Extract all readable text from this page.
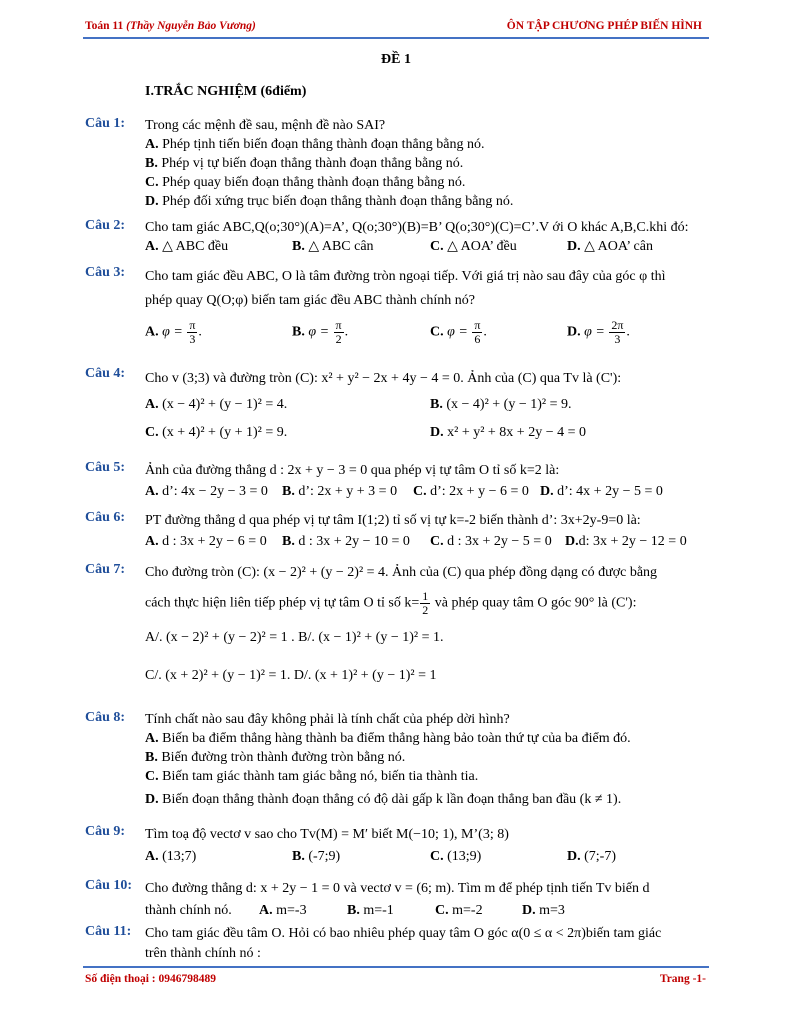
Toán 11 (Thầy Nguyễn Bảo Vương)	ÔN TẬP CHƯƠNG PHÉP BIẾN HÌNH
ĐỀ 1
I.TRẮC NGHIỆM (6điểm)
Câu 1: Trong các mệnh đề sau, mệnh đề nào SAI?
A. Phép tịnh tiến biến đoạn thẳng thành đoạn thẳng bằng nó.
B. Phép vị tự biến đoạn thẳng thành đoạn thẳng bằng nó.
C. Phép quay biến đoạn thẳng thành đoạn thẳng bằng nó.
D. Phép đối xứng trục biến đoạn thẳng thành đoạn thẳng bằng nó.
Câu 2: Cho tam giác ABC,Q(o;30°)(A)=A’, Q(o;30°)(B)=B’ Q(o;30°)(C)=C’.V ới O khác A,B,C.khi đó:
A. △ ABC đều	B. △ ABC cân	C. △ AOA’ đều	D. △ AOA’ cân
Câu 3: Cho tam giác đều ABC, O là tâm đường tròn ngoại tiếp. Với giá trị nào sau đây của góc φ thì
phép quay Q(O;φ) biến tam giác đều ABC thành chính nó?
A. $\varphi = \frac{\pi}{3}$ .	B. $\varphi = \frac{\pi}{2}$ .	C. $\varphi = \frac{\pi}{6}$ .	D. $\varphi = \frac{2\pi}{3}$ .
Câu 4: Cho v (3;3) và đường tròn (C): x² + y² − 2x + 4y − 4 = 0. Ảnh của (C) qua Tv là (C'):
A. (x − 4)² + (y − 1)² = 4.	B. (x − 4)² + (y − 1)² = 9.
C. (x + 4)² + (y + 1)² = 9.	D. x² + y² + 8x + 2y − 4 = 0
Câu 5: Ảnh của đường thẳng d : 2x + y − 3 = 0 qua phép vị tự tâm O tỉ số k=2 là:
A. d’: 4x − 2y − 3 = 0 B. d’: 2x + y + 3 = 0 C. d’: 2x + y − 6 = 0 D. d’: 4x + 2y − 5 = 0
Câu 6: PT đường thẳng d qua phép vị tự tâm I(1;2) tỉ số vị tự k=-2 biến thành d’: 3x+2y-9=0 là:
A. d : 3x + 2y − 6 = 0 B. d : 3x + 2y − 10 = 0 C. d : 3x + 2y − 5 = 0 D.d: 3x + 2y − 12 = 0
Câu 7: Cho đường tròn (C): (x − 2)² + (y − 2)² = 4. Ảnh của (C) qua phép đồng dạng có được bằng
cách thực hiện liên tiếp phép vị tự tâm O tỉ số $k= \frac{1}{2}$ và phép quay tâm O góc 90° là (C'):
A/. (x − 2)² + (y − 2)² = 1 . B/. (x − 1)² + (y − 1)² = 1.
C/. (x + 2)² + (y − 1)² = 1. D/. (x + 1)² + (y − 1)² = 1
Câu 8: Tính chất nào sau đây không phải là tính chất của phép dời hình?
A. Biến ba điểm thẳng hàng thành ba điểm thẳng hàng bảo toàn thứ tự của ba điểm đó.
B. Biến đường tròn thành đường tròn bằng nó.
C. Biến tam giác thành tam giác bằng nó, biến tia thành tia.
D. Biến đoạn thẳng thành đoạn thẳng có độ dài gấp k lần đoạn thẳng ban đầu (k ≠ 1).
Câu 9: Tìm toạ độ vectơ v sao cho Tv(M) = M′ biết M(−10; 1), M’(3; 8)
A. (13;7)	B. (-7;9)	C. (13;9)	D. (7;-7)
Câu 10: Cho đường thẳng d: x + 2y − 1 = 0 và vectơ v = (6; m). Tìm m để phép tịnh tiến Tv biến d
thành chính nó. A. m=-3	B. m=-1	C. m=-2	D. m=3
Câu 11: Cho tam giác đều tâm O. Hỏi có bao nhiêu phép quay tâm O góc α(0 ≤ α < 2π)biến tam giác
trên thành chính nó :
Số điện thoại : 0946798489	Trang -1-
